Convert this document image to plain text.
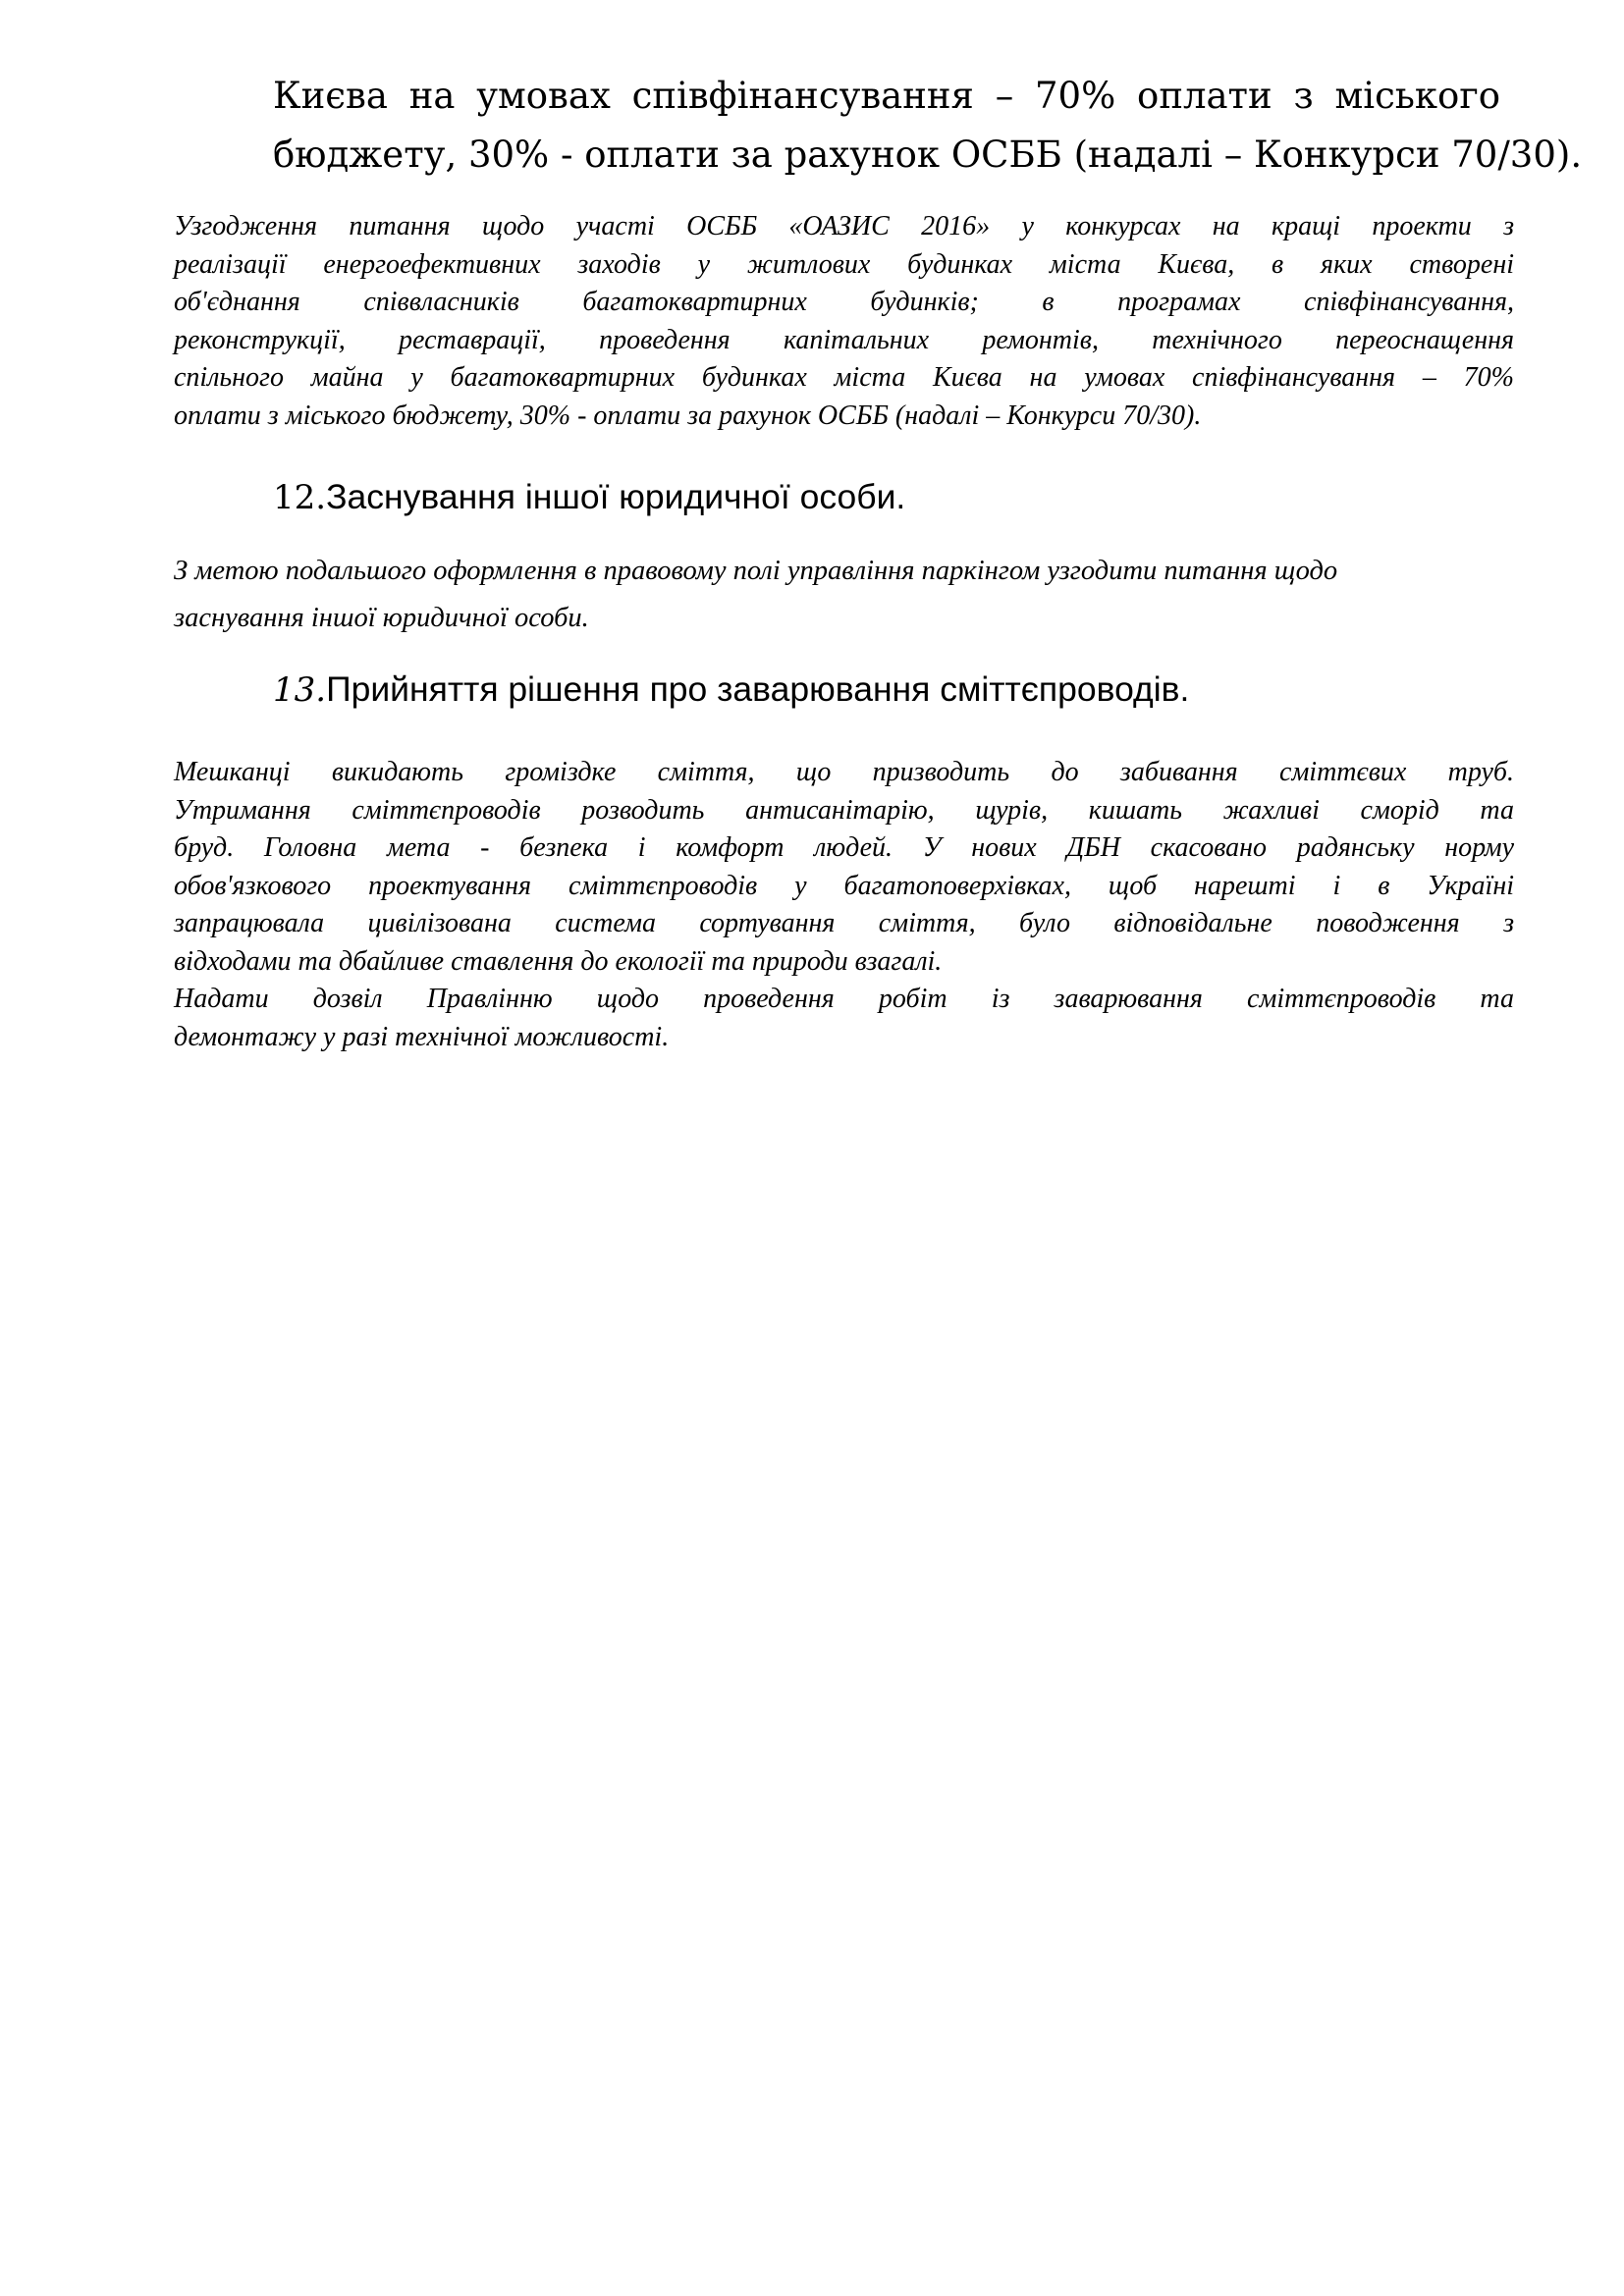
Києва на умовах співфінансування – 70% оплати з міського
бюджету, 30% - оплати за рахунок ОСББ (надалі – Конкурси 70/30).
Узгодження питання щодо участі ОСББ «ОАЗИС 2016» у конкурсах на кращі проекти з
реалізації енергоефективних заходів у житлових будинках міста Києва, в яких створені
об'єднання співвласників багатоквартирних будинків; в програмах співфінансування,
реконструкції, реставрації, проведення капітальних ремонтів, технічного переоснащення
спільного майна у багатоквартирних будинках міста Києва на умовах співфінансування – 70%
оплати з міського бюджету, 30% - оплати за рахунок ОСББ (надалі – Конкурси 70/30).
12.Заснування іншої юридичної особи.
З метою подальшого оформлення в правовому полі управління паркінгом узгодити питання щодо
заснування іншої юридичної особи.
13.Прийняття рішення про заварювання сміттєпроводів.
Мешканці викидають громіздке сміття, що призводить до забивання сміттєвих труб.
Утримання сміттєпроводів розводить антисанітарію, щурів, кишать жахливі сморід та
бруд. Головна мета - безпека і комфорт людей. У нових ДБН скасовано радянську норму
обов'язкового проектування сміттєпроводів у багатоповерхівках, щоб нарешті і в Україні
запрацювала цивілізована система сортування сміття, було відповідальне поводження з
відходами та дбайливе ставлення до екології та природи взагалі.
Надати дозвіл Правлінню щодо проведення робіт із заварювання сміттєпроводів та
демонтажу у разі технічної можливості.
